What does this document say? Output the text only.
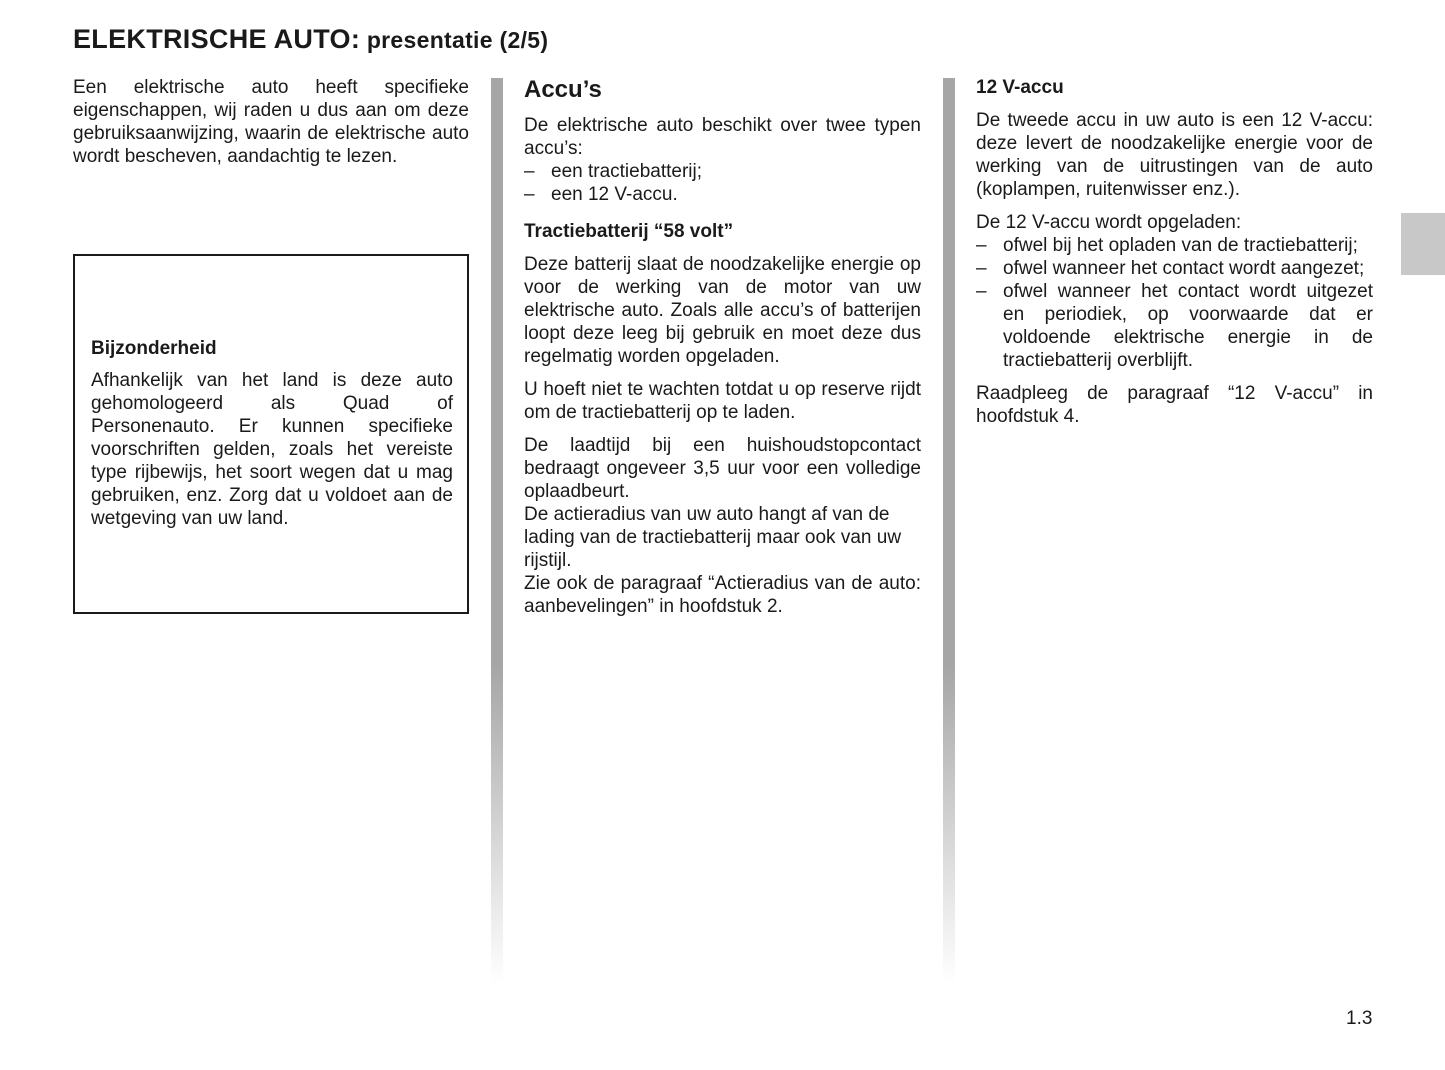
ELEKTRISCHE AUTO: presentatie (2/5)

Een elektrische auto heeft specifieke eigenschappen, wij raden u dus aan om deze gebruiksaanwijzing, waarin de elektrische auto wordt bescheven, aandachtig te lezen.

Bijzonderheid

Afhankelijk van het land is deze auto gehomologeerd als Quad of Personenauto. Er kunnen specifieke voorschriften gelden, zoals het vereiste type rijbewijs, het soort wegen dat u mag gebruiken, enz. Zorg dat u voldoet aan de wetgeving van uw land.

Accu’s

De elektrische auto beschikt over twee typen accu’s:

– een tractiebatterij;
– een 12 V-accu.

Tractiebatterij “58 volt”

Deze batterij slaat de noodzakelijke energie op voor de werking van de motor van uw elektrische auto. Zoals alle accu’s of batterijen loopt deze leeg bij gebruik en moet deze dus regelmatig worden opgeladen.

U hoeft niet te wachten totdat u op reserve rijdt om de tractiebatterij op te laden.

De laadtijd bij een huishoudstopcontact bedraagt ongeveer 3,5 uur voor een volledige oplaadbeurt.

De actieradius van uw auto hangt af van de lading van de tractiebatterij maar ook van uw rijstijl.

Zie ook de paragraaf “Actieradius van de auto: aanbevelingen” in hoofdstuk 2.

12 V-accu

De tweede accu in uw auto is een 12 V-accu: deze levert de noodzakelijke energie voor de werking van de uitrustingen van de auto (koplampen, ruitenwisser enz.).

De 12 V-accu wordt opgeladen:

– ofwel bij het opladen van de tractiebatterij;
– ofwel wanneer het contact wordt aangezet;
– ofwel wanneer het contact wordt uitgezet en periodiek, op voorwaarde dat er voldoende elektrische energie in de tractiebatterij overblijft.

Raadpleeg de paragraaf “12 V-accu” in hoofdstuk 4.

1.3
